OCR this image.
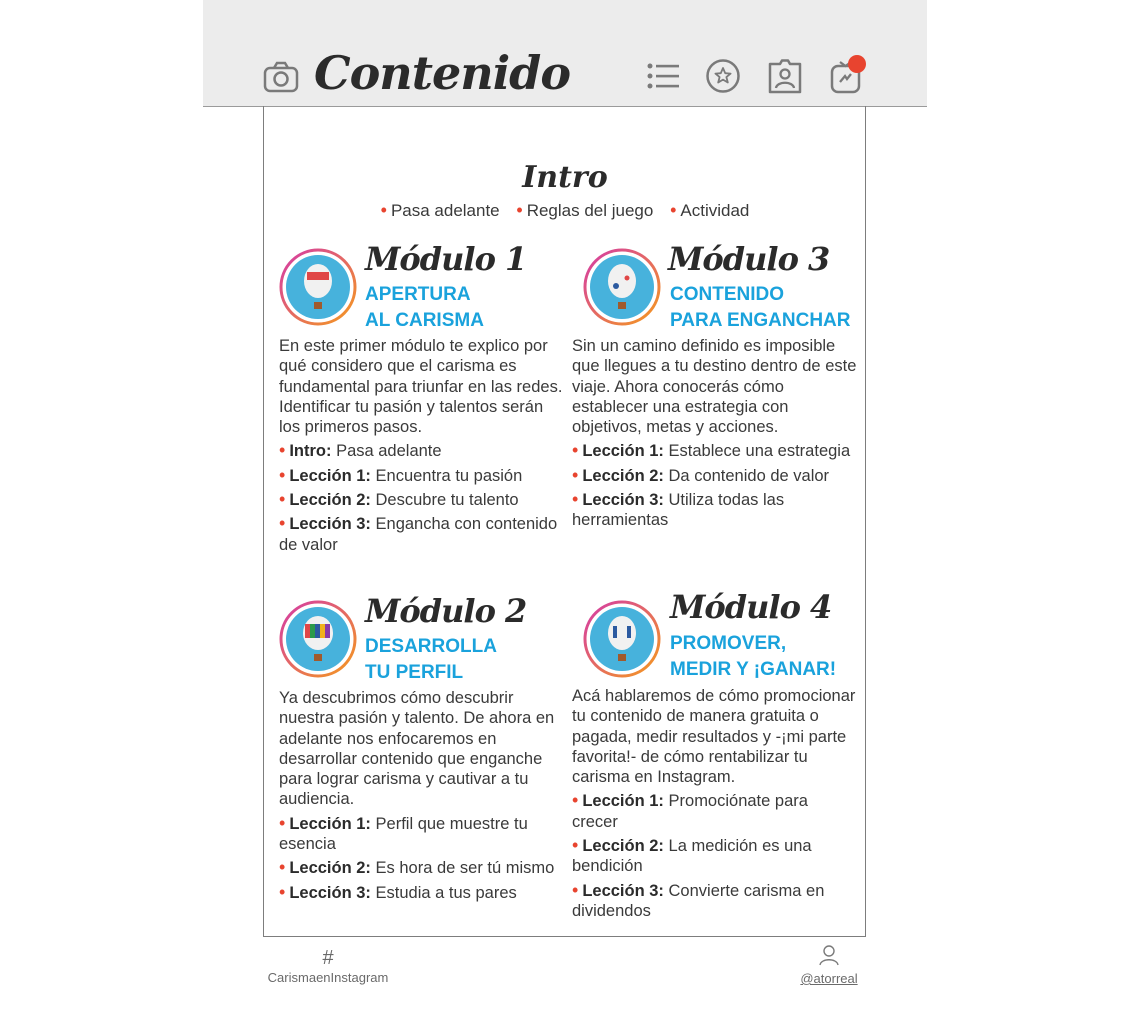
Contenido
Intro
• Pasa adelante • Reglas del juego • Actividad
Módulo 1
APERTURA
AL CARISMA

En este primer módulo te explico por qué considero que el carisma es fundamental para triunfar en las redes. Identificar tu pasión y talentos serán los primeros pasos.

• Intro: Pasa adelante
• Lección 1: Encuentra tu pasión
• Lección 2: Descubre tu talento
• Lección 3: Engancha con contenido de valor
Módulo 3
CONTENIDO
PARA ENGANCHAR

Sin un camino definido es imposible que llegues a tu destino dentro de este viaje. Ahora conocerás cómo establecer una estrategia con objetivos, metas y acciones.

• Lección 1: Establece una estrategia
• Lección 2: Da contenido de valor
• Lección 3: Utiliza todas las herramientas
Módulo 2
DESARROLLA
TU PERFIL

Ya descubrimos cómo descubrir nuestra pasión y talento. De ahora en adelante nos enfocaremos en desarrollar contenido que enganche para lograr carisma y cautivar a tu audiencia.

• Lección 1: Perfil que muestre tu esencia
• Lección 2: Es hora de ser tú mismo
• Lección 3: Estudia a tus pares
Módulo 4
PROMOVER,
MEDIR Y ¡GANAR!

Acá hablaremos de cómo promocionar tu contenido de manera gratuita o pagada, medir resultados y -¡mi parte favorita!- de cómo rentabilizar tu carisma en Instagram.

• Lección 1: Promociónate para crecer
• Lección 2: La medición es una bendición
• Lección 3: Convierte carisma en dividendos
#
CarismaenInstagram	@atorreal
